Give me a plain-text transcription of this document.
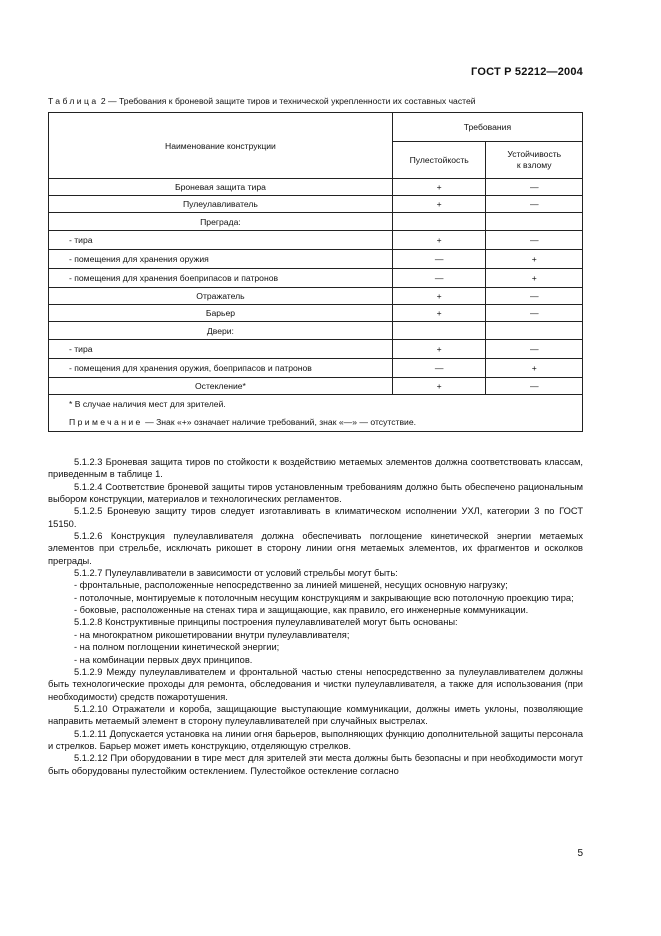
ГОСТ Р 52212—2004
Таблица 2 — Требования к броневой защите тиров и технической укрепленности их составных частей
Наименование конструкции	Требования	
	Пулестойкость	Устойчивость
к взлому
Броневая защита тира	+	—
Пулеулавливатель	+	—
Преграда:		
- тира	+	—
- помещения для хранения оружия	—	+
- помещения для хранения боеприпасов и патронов	—	+
Отражатель	+	—
Барьер	+	—
Двери:		
- тира	+	—
- помещения для хранения оружия, боеприпасов и патронов	—	+
Остекление*	+	—
* В случае наличия мест для зрителей.		
Примечание — Знак «+» означает наличие требований, знак «—» — отсутствие.		

5.1.2.3 Броневая защита тиров по стойкости к воздействию метаемых элементов должна соответствовать классам, приведенным в таблице 1.

5.1.2.4 Соответствие броневой защиты тиров установленным требованиям должно быть обеспечено рациональным выбором конструкции, материалов и технологических регламентов.

5.1.2.5 Броневую защиту тиров следует изготавливать в климатическом исполнении УХЛ, категории 3 по ГОСТ 15150.

5.1.2.6 Конструкция пулеулавливателя должна обеспечивать поглощение кинетической энергии метаемых элементов при стрельбе, исключать рикошет в сторону линии огня метаемых элементов, их фрагментов и осколков преграды.

5.1.2.7 Пулеулавливатели в зависимости от условий стрельбы могут быть:

- фронтальные, расположенные непосредственно за линией мишеней, несущих основную нагрузку;

- потолочные, монтируемые к потолочным несущим конструкциям и закрывающие всю потолочную проекцию тира;

- боковые, расположенные на стенах тира и защищающие, как правило, его инженерные коммуникации.

5.1.2.8 Конструктивные принципы построения пулеулавливателей могут быть основаны:

- на многократном рикошетировании внутри пулеулавливателя;

- на полном поглощении кинетической энергии;

- на комбинации первых двух принципов.

5.1.2.9 Между пулеулавливателем и фронтальной частью стены непосредственно за пулеулавливателем должны быть технологические проходы для ремонта, обследования и чистки пулеулавливателя, а также для использования (при необходимости) средств пожаротушения.

5.1.2.10 Отражатели и короба, защищающие выступающие коммуникации, должны иметь уклоны, позволяющие направить метаемый элемент в сторону пулеулавливателей при случайных выстрелах.

5.1.2.11 Допускается установка на линии огня барьеров, выполняющих функцию дополнительной защиты персонала и стрелков. Барьер может иметь конструкцию, отделяющую стрелков.

5.1.2.12 При оборудовании в тире мест для зрителей эти места должны быть безопасны и при необходимости могут быть оборудованы пулестойким остеклением. Пулестойкое остекление согласно

5
